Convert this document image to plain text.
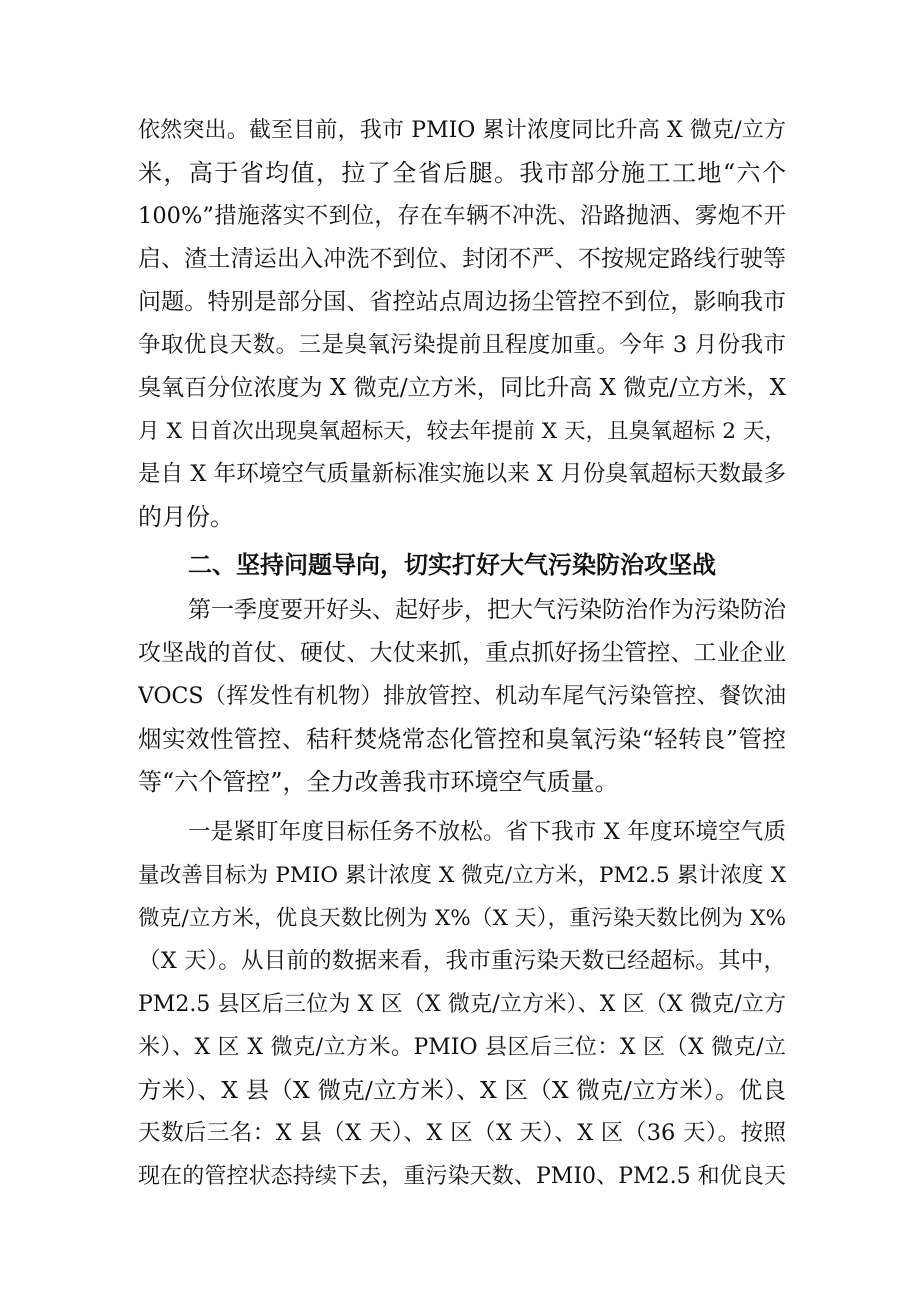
依然突出。截至目前，我市 PMIO 累计浓度同比升高 X 微克/立方
米，高于省均值，拉了全省后腿。我市部分施工工地“六个
100%”措施落实不到位，存在车辆不冲洗、沿路抛洒、雾炮不开
启、渣土清运出入冲洗不到位、封闭不严、不按规定路线行驶等
问题。特别是部分国、省控站点周边扬尘管控不到位，影响我市
争取优良天数。三是臭氧污染提前且程度加重。今年 3 月份我市
臭氧百分位浓度为 X 微克/立方米，同比升高 X 微克/立方米，X
月 X 日首次出现臭氧超标天，较去年提前 X 天，且臭氧超标 2 天，
是自 X 年环境空气质量新标准实施以来 X 月份臭氧超标天数最多
的月份。
二、坚持问题导向，切实打好大气污染防治攻坚战
第一季度要开好头、起好步，把大气污染防治作为污染防治
攻坚战的首仗、硬仗、大仗来抓，重点抓好扬尘管控、工业企业
VOCS（挥发性有机物）排放管控、机动车尾气污染管控、餐饮油
烟实效性管控、秸秆焚烧常态化管控和臭氧污染“轻转良”管控
等“六个管控”，全力改善我市环境空气质量。
一是紧盯年度目标任务不放松。省下我市 X 年度环境空气质
量改善目标为 PMIO 累计浓度 X 微克/立方米，PM2.5 累计浓度 X
微克/立方米，优良天数比例为 X%（X 天），重污染天数比例为 X%
（X 天）。从目前的数据来看，我市重污染天数已经超标。其中，
PM2.5 县区后三位为 X 区（X 微克/立方米）、X 区（X 微克/立方
米）、X 区 X 微克/立方米。PMIO 县区后三位：X 区（X 微克/立
方米）、X 县（X 微克/立方米）、X 区（X 微克/立方米）。优良
天数后三名：X 县（X 天）、X 区（X 天）、X 区（36 天）。按照
现在的管控状态持续下去，重污染天数、PMI0、PM2.5 和优良天
